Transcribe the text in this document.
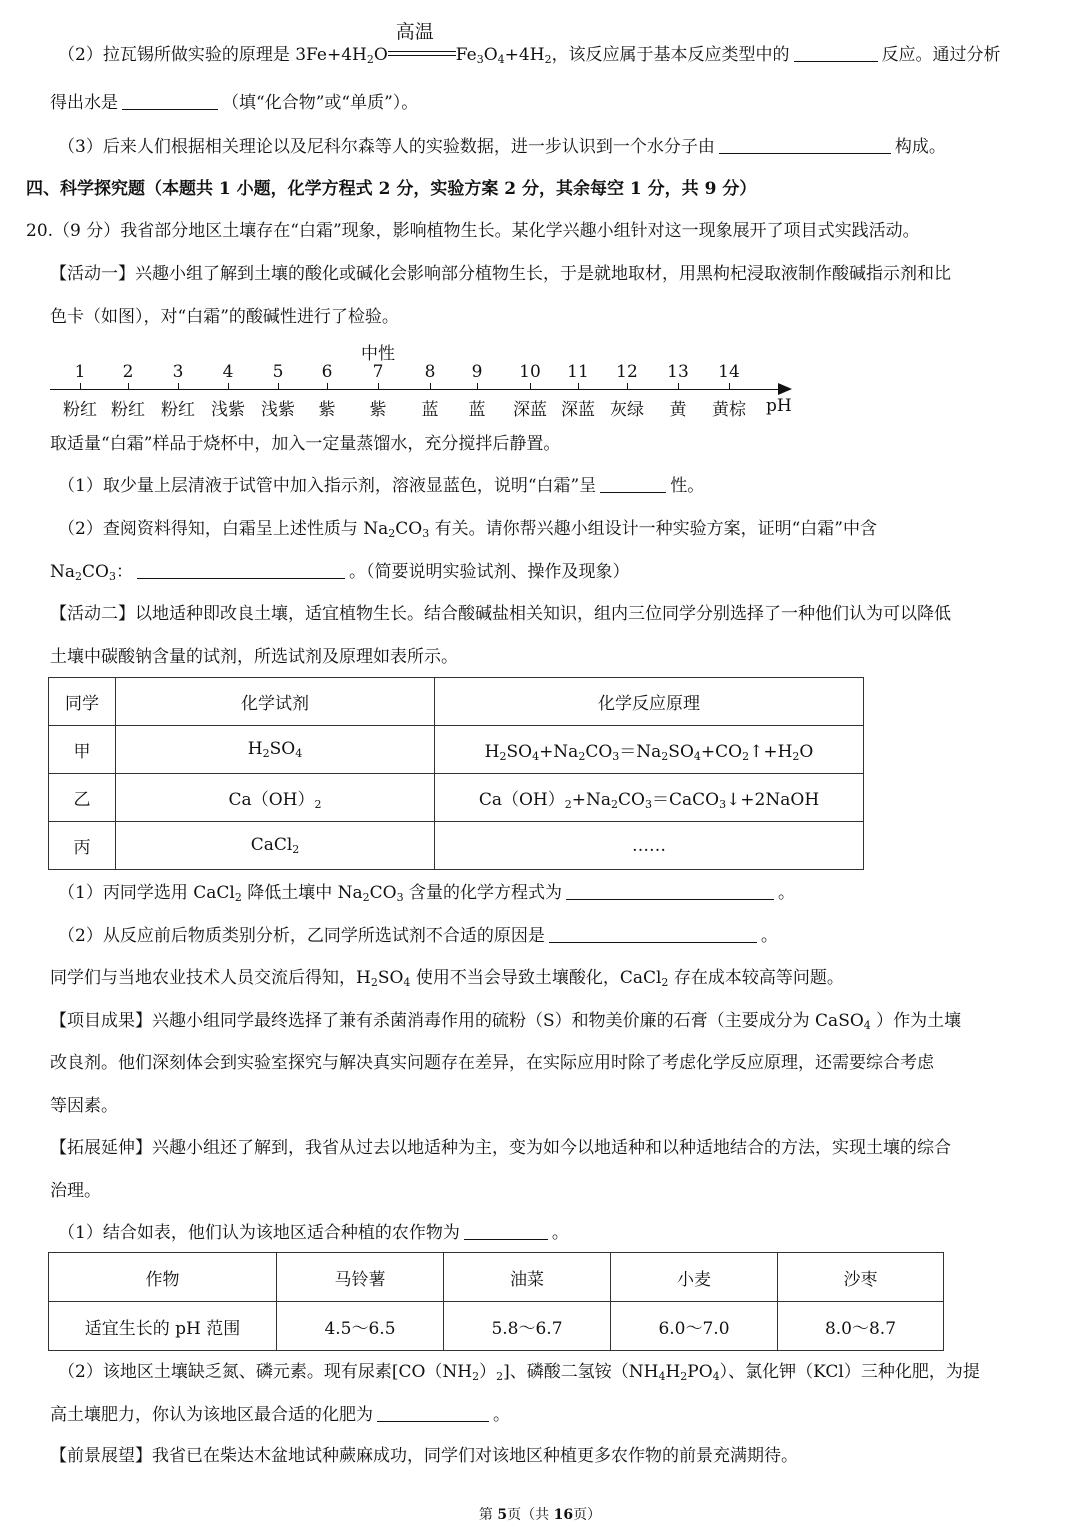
（2）拉瓦锡所做实验的原理是 $3Fe+4H_2O$
高温
$Fe_3O_4+4H_2$，该反应属于基本反应类型中的	反应。通过分析
得出水是	（填“化合物”或“单质”）。
（3）后来人们根据相关理论以及尼科尔森等人的实验数据，进一步认识到一个水分子由	构成。
四、科学探究题（本题共 1 小题，化学方程式 2 分，实验方案 2 分，其余每空 1 分，共 9 分）
20.（9 分）我省部分地区土壤存在“白霜”现象，影响植物生长。某化学兴趣小组针对这一现象展开了项目式实践活动。
【活动一】兴趣小组了解到土壤的酸化或碱化会影响部分植物生长，于是就地取材，用黑枸杞浸取液制作酸碱指示剂和比
色卡（如图），对“白霜”的酸碱性进行了检验。
中性
1
粉红
2
粉红
3
粉红
4
浅紫
5
浅紫
6
紫
7
紫
8
蓝
9
蓝
10
深蓝
11
深蓝
12
灰绿
13
黄
14
黄棕 pH
取适量“白霜”样品于烧杯中，加入一定量蒸馏水，充分搅拌后静置。
（1）取少量上层清液于试管中加入指示剂，溶液显蓝色，说明“白霜”呈	性。
（2）查阅资料得知，白霜呈上述性质与 $Na_2CO_3$ 有关。请你帮兴趣小组设计一种实验方案，证明“白霜”中含
$Na_2CO_3$：	。（简要说明实验试剂、操作及现象）
【活动二】以地适种即改良土壤，适宜植物生长。结合酸碱盐相关知识，组内三位同学分别选择了一种他们认为可以降低
土壤中碳酸钠含量的试剂，所选试剂及原理如表所示。
同学	化学试剂	化学反应原理
甲	$H_2SO_4$	$H_2SO_4+Na_2CO_3=Na_2SO_4+CO_2↑+H_2O$
乙	$Ca(OH)_2$	$Ca(OH)_2+Na_2CO_3=CaCO_3↓+2NaOH$
丙	CaCl$_2$	……
（1）丙同学选用 CaCl$_2$ 降低土壤中 $Na_2CO_3$ 含量的化学方程式为	。
（2）从反应前后物质类别分析，乙同学所选试剂不合适的原因是	。
同学们与当地农业技术人员交流后得知，$H_2SO_4$ 使用不当会导致土壤酸化，CaCl$_2$ 存在成本较高等问题。
【项目成果】兴趣小组同学最终选择了兼有杀菌消毒作用的硫粉（S）和物美价廉的石膏（主要成分为 CaSO$_4$ ）作为土壤
改良剂。他们深刻体会到实验室探究与解决真实问题存在差异，在实际应用时除了考虑化学反应原理，还需要综合考虑
等因素。
【拓展延伸】兴趣小组还了解到，我省从过去以地适种为主，变为如今以地适种和以种适地结合的方法，实现土壤的综合
治理。
（1）结合如表，他们认为该地区适合种植的农作物为	。
作物	马铃薯	油菜	小麦	沙枣
适宜生长的 pH 范围	4.5～6.5	5.8～6.7	6.0～7.0	8.0～8.7
（2）该地区土壤缺乏氮、磷元素。现有尿素$[CO(NH_2)_2]$、磷酸二氢铵$(NH_4H_2PO_4)$、氯化钾（KCl）三种化肥，为提
高土壤肥力，你认为该地区最合适的化肥为	。
【前景展望】我省已在柴达木盆地试种蕨麻成功，同学们对该地区种植更多农作物的前景充满期待。
第 5页（共 16页）
